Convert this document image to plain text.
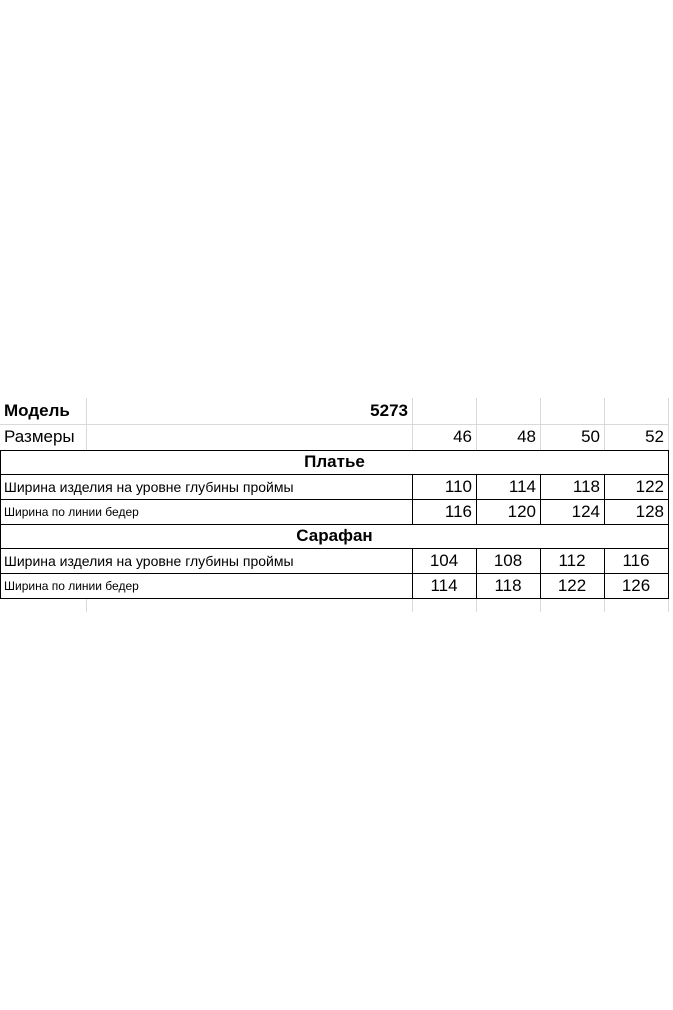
Модель	5273
Размеры	46	48	50	52
Платье
Ширина изделия на уровне глубины проймы	110	114	118	122
Ширина по линии бедер	116	120	124	128
Сарафан
Ширина изделия на уровне глубины проймы	104	108	112	116
Ширина по линии бедер	114	118	122	126
